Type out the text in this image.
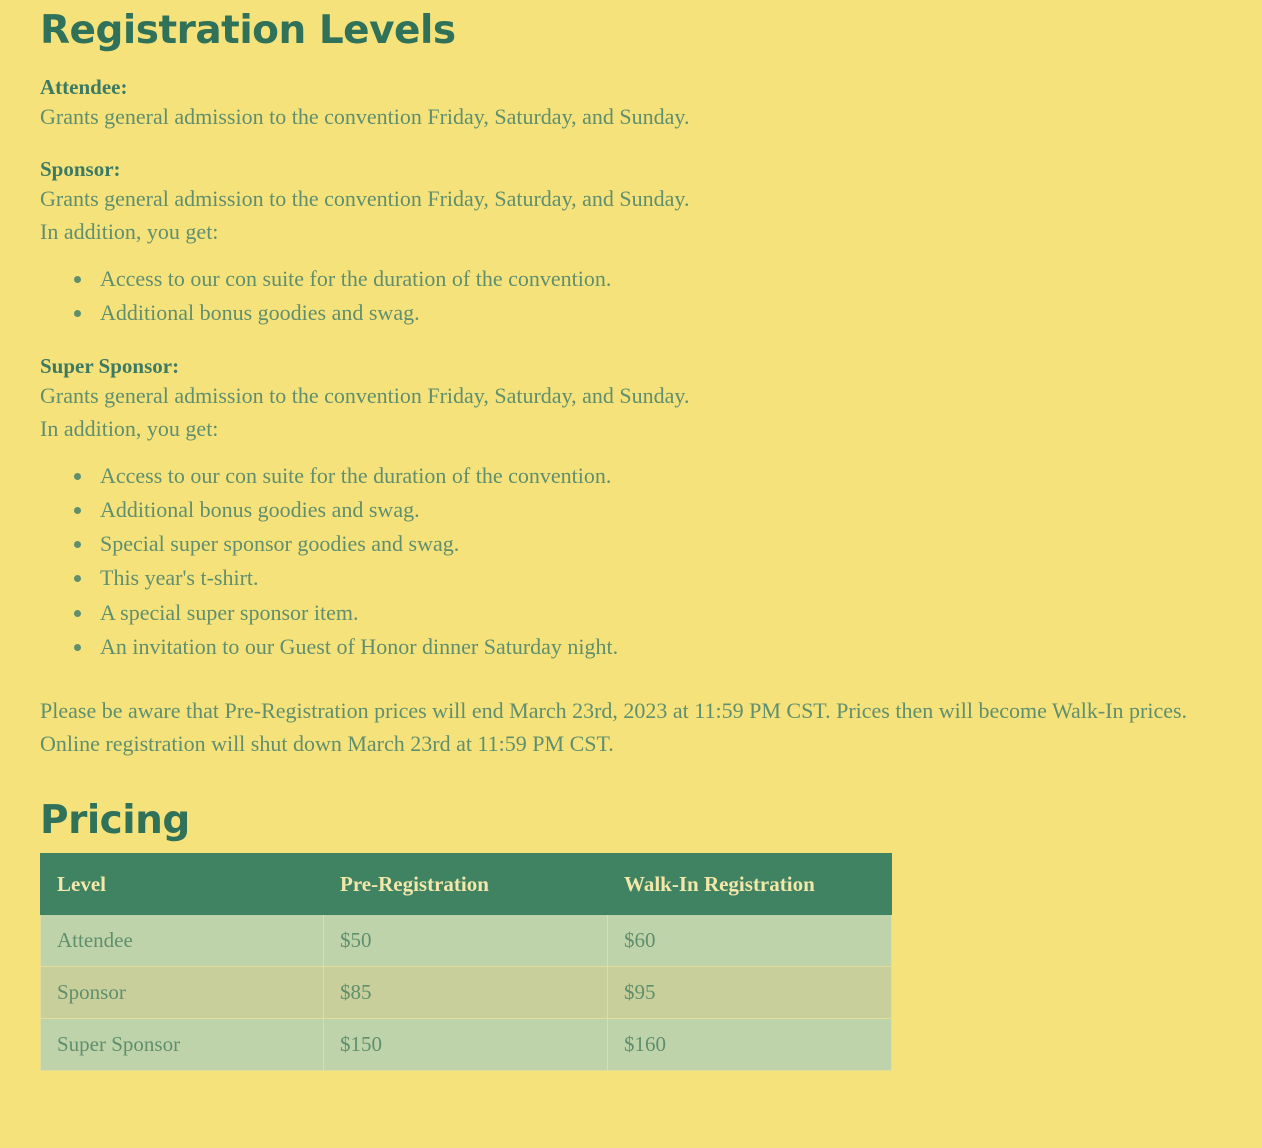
Registration Levels

Attendee:

Grants general admission to the convention Friday, Saturday, and Sunday.

Sponsor:

Grants general admission to the convention Friday, Saturday, and Sunday.

In addition, you get:

• Access to our con suite for the duration of the convention.
• Additional bonus goodies and swag.

Super Sponsor:

Grants general admission to the convention Friday, Saturday, and Sunday.

In addition, you get:

• Access to our con suite for the duration of the convention.
• Additional bonus goodies and swag.
• Special super sponsor goodies and swag.
• This year's t-shirt.
• A special super sponsor item.
• An invitation to our Guest of Honor dinner Saturday night.

Please be aware that Pre-Registration prices will end March 23rd, 2023 at 11:59 PM CST. Prices then will become Walk-In prices. Online registration will shut down March 23rd at 11:59 PM CST.

Pricing
Level	Pre-Registration	Walk-In Registration
Attendee	$50	$60
Sponsor	$85	$95
Super Sponsor	$150	$160
